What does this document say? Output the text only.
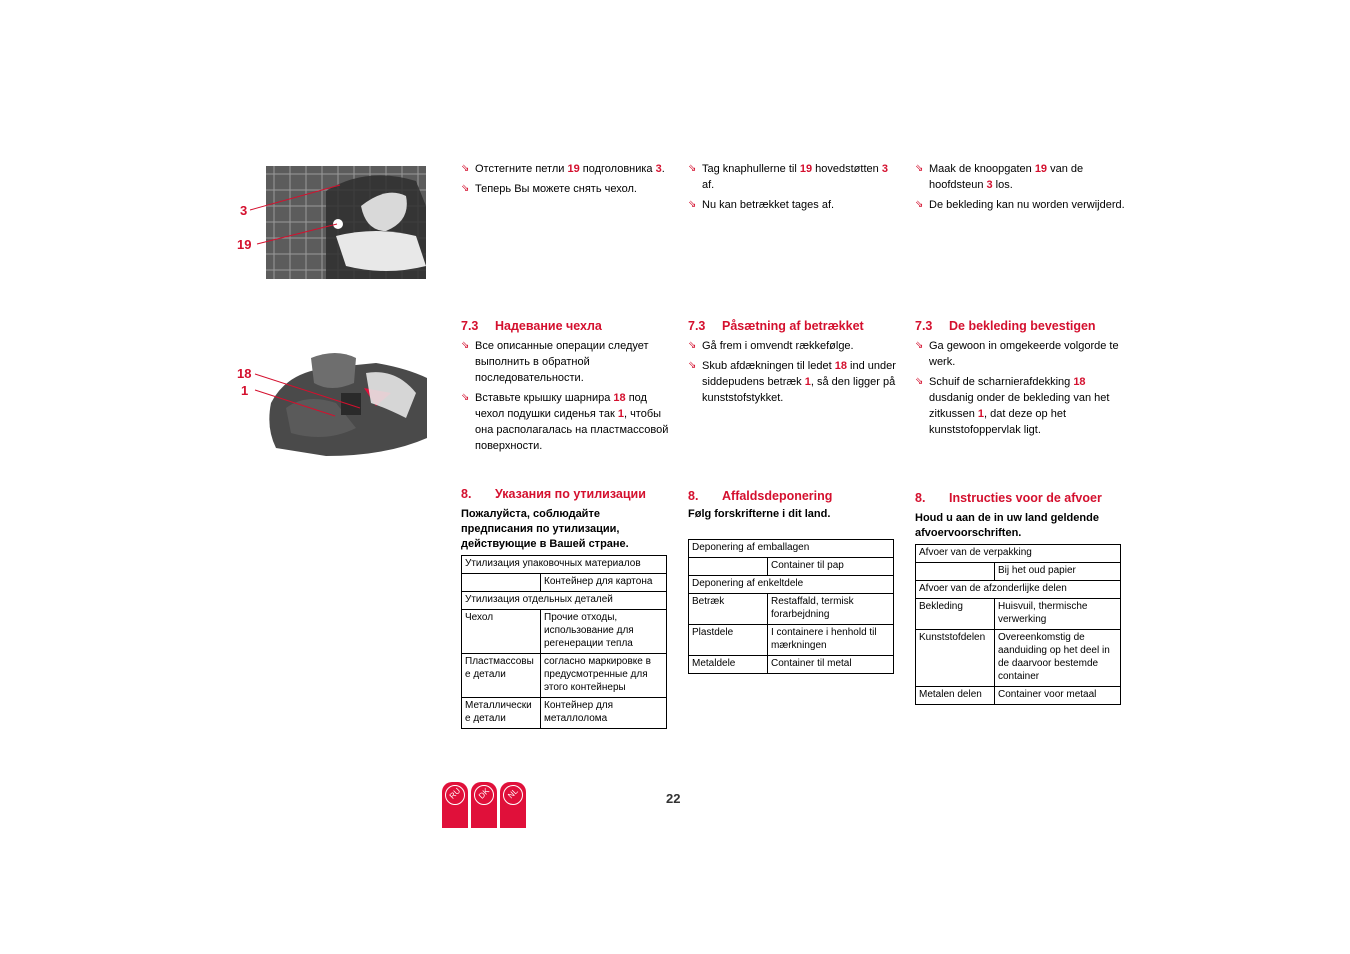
3
19
18
1
⇘ Отстегните петли 19 подголовника 3.
⇘ Теперь Вы можете снять чехол.
7.3 Надевание чехла
⇘ Все описанные операции следует выполнить в обратной последовательности.
⇘ Вставьте крышку шарнира 18 под чехол подушки сиденья так 1, чтобы она располагалась на пластмассовой поверхности.
8. Указания по утилизации
Пожалуйста, соблюдайте предписания по утилизации, действующие в Вашей стране.
Утилизация упаковочных материалов	
	Контейнер для картона
Утилизация отдельных деталей	
Чехол	Прочие отходы, использование для регенерации тепла
Пластмассовые детали	согласно маркировке в предусмотренные для этого контейнеры
Металлические детали	Контейнер для металлолома
⇘ Tag knaphullerne til 19 hovedstøtten 3 af.
⇘ Nu kan betrækket tages af.
7.3 Påsætning af betrækket
⇘ Gå frem i omvendt rækkefølge.
⇘ Skub afdækningen til ledet 18 ind under siddepudens betræk 1, så den ligger på kunststofstykket.
8. Affaldsdeponering
Følg forskrifterne i dit land.
Deponering af emballagen	
	Container til pap
Deponering af enkeltdele	
Betræk	Restaffald, termisk forarbejdning
Plastdele	I containere i henhold til mærkningen
Metaldele	Container til metal
⇘ Maak de knoopgaten 19 van de hoofdsteun 3 los.
⇘ De bekleding kan nu worden verwijderd.
7.3 De bekleding bevestigen
⇘ Ga gewoon in omgekeerde volgorde te werk.
⇘ Schuif de scharnierafdekking 18 dusdanig onder de bekleding van het zitkussen 1, dat deze op het kunststofoppervlak ligt.
8. Instructies voor de afvoer
Houd u aan de in uw land geldende afvoervoorschriften.
Afvoer van de verpakking	
	Bij het oud papier
Afvoer van de afzonderlijke delen	
Bekleding	Huisvuil, thermische verwerking
Kunststofdelen	Overeenkomstig de aanduiding op het deel in de daarvoor bestemde container
Metalen delen	Container voor metaal
RU	DK	NL	22
